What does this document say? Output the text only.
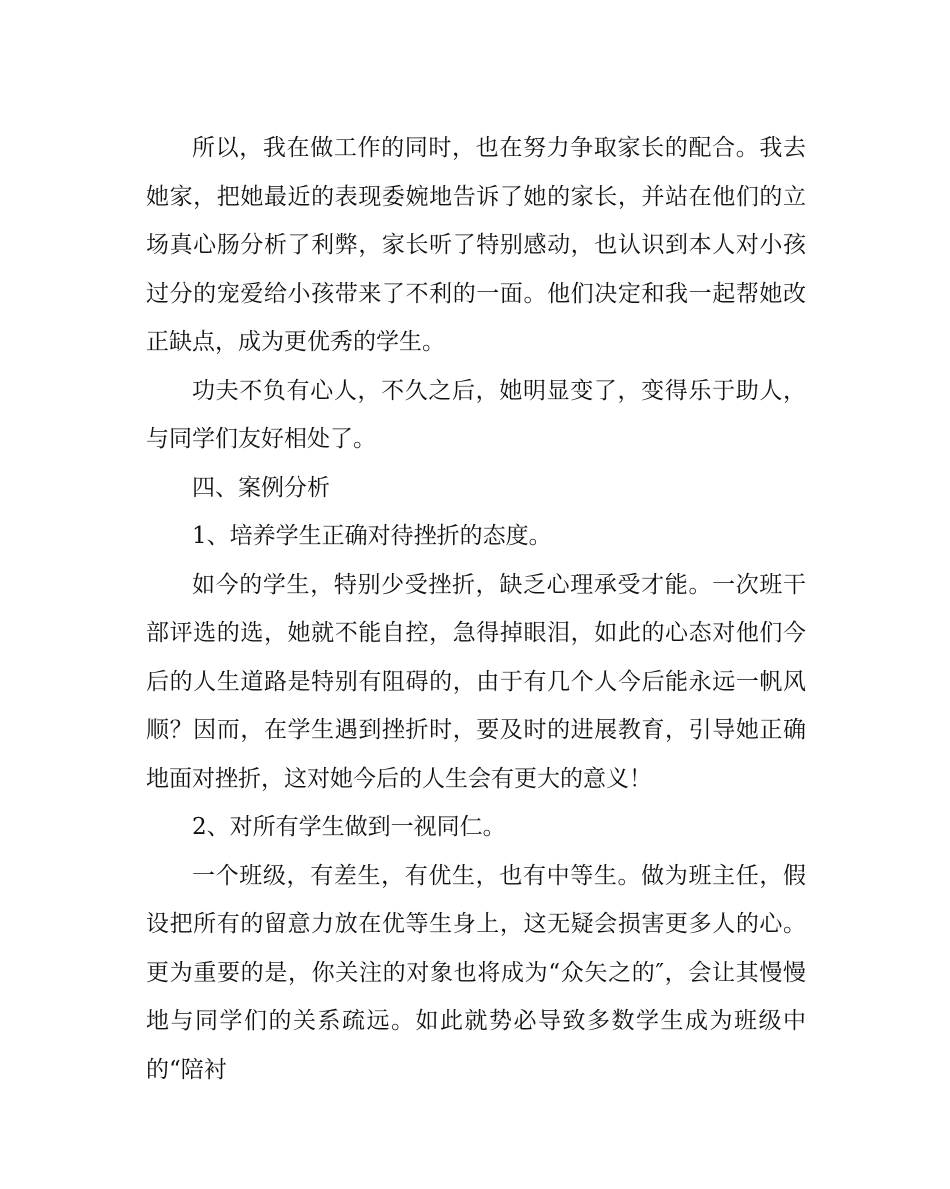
所以，我在做工作的同时，也在努力争取家长的配合。我去她家，把她最近的表现委婉地告诉了她的家长，并站在他们的立场真心肠分析了利弊，家长听了特别感动，也认识到本人对小孩过分的宠爱给小孩带来了不利的一面。他们决定和我一起帮她改正缺点，成为更优秀的学生。

功夫不负有心人，不久之后，她明显变了，变得乐于助人，与同学们友好相处了。

四、案例分析

1、培养学生正确对待挫折的态度。

如今的学生，特别少受挫折，缺乏心理承受才能。一次班干部评选的选，她就不能自控，急得掉眼泪，如此的心态对他们今后的人生道路是特别有阻碍的，由于有几个人今后能永远一帆风顺？因而，在学生遇到挫折时，要及时的进展教育，引导她正确地面对挫折，这对她今后的人生会有更大的意义！

2、对所有学生做到一视同仁。

一个班级，有差生，有优生，也有中等生。做为班主任，假设把所有的留意力放在优等生身上，这无疑会损害更多人的心。更为重要的是，你关注的对象也将成为“众矢之的″，会让其慢慢地与同学们的关系疏远。如此就势必导致多数学生成为班级中的“陪衬
